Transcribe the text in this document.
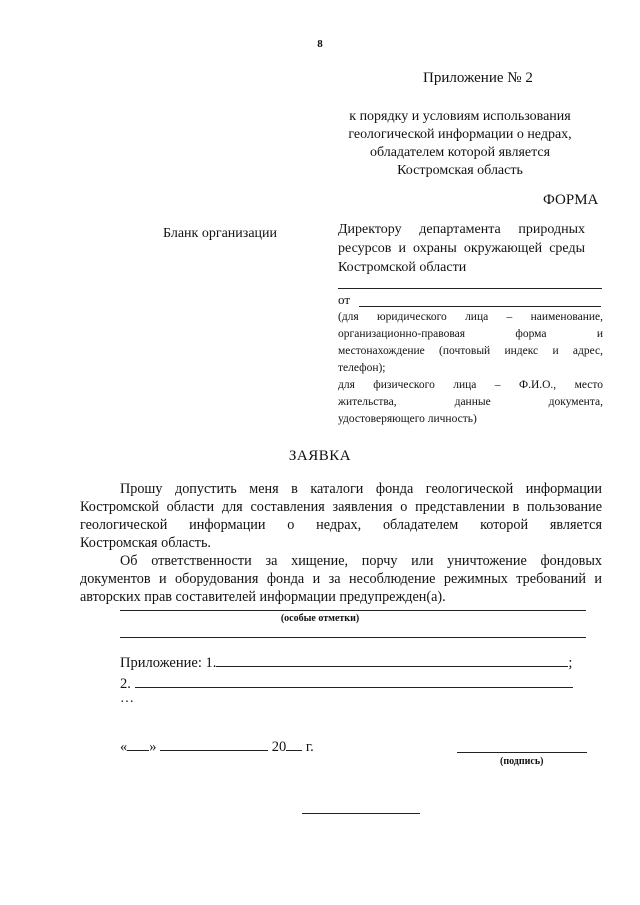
8
Приложение № 2
к порядку и условиям использования
геологической информации о недрах,
обладателем которой является
Костромская область
ФОРМА
Бланк организации	Директору департамента природных ресурсов и охраны окружающей среды Костромской области
от

(для юридического лица – наименование,

организационно-правовая форма и

местонахождение (почтовый индекс и адрес,

телефон);

для физического лица – Ф.И.О., место

жительства, данные документа,

удостоверяющего личность)

ЗАЯВКА

Прошу допустить меня в каталоги фонда геологической информации
Костромской области для составления заявления о представлении в пользование
геологической информации о недрах, обладателем которой является
Костромская область.

Об ответственности за хищение, порчу или уничтожение фондовых
документов и оборудования фонда и за несоблюдение режимных требований и
авторских прав составителей информации предупрежден(а).

(особые отметки)
Приложение: 1.	;
2.
…
« »	20 г.
(подпись)
